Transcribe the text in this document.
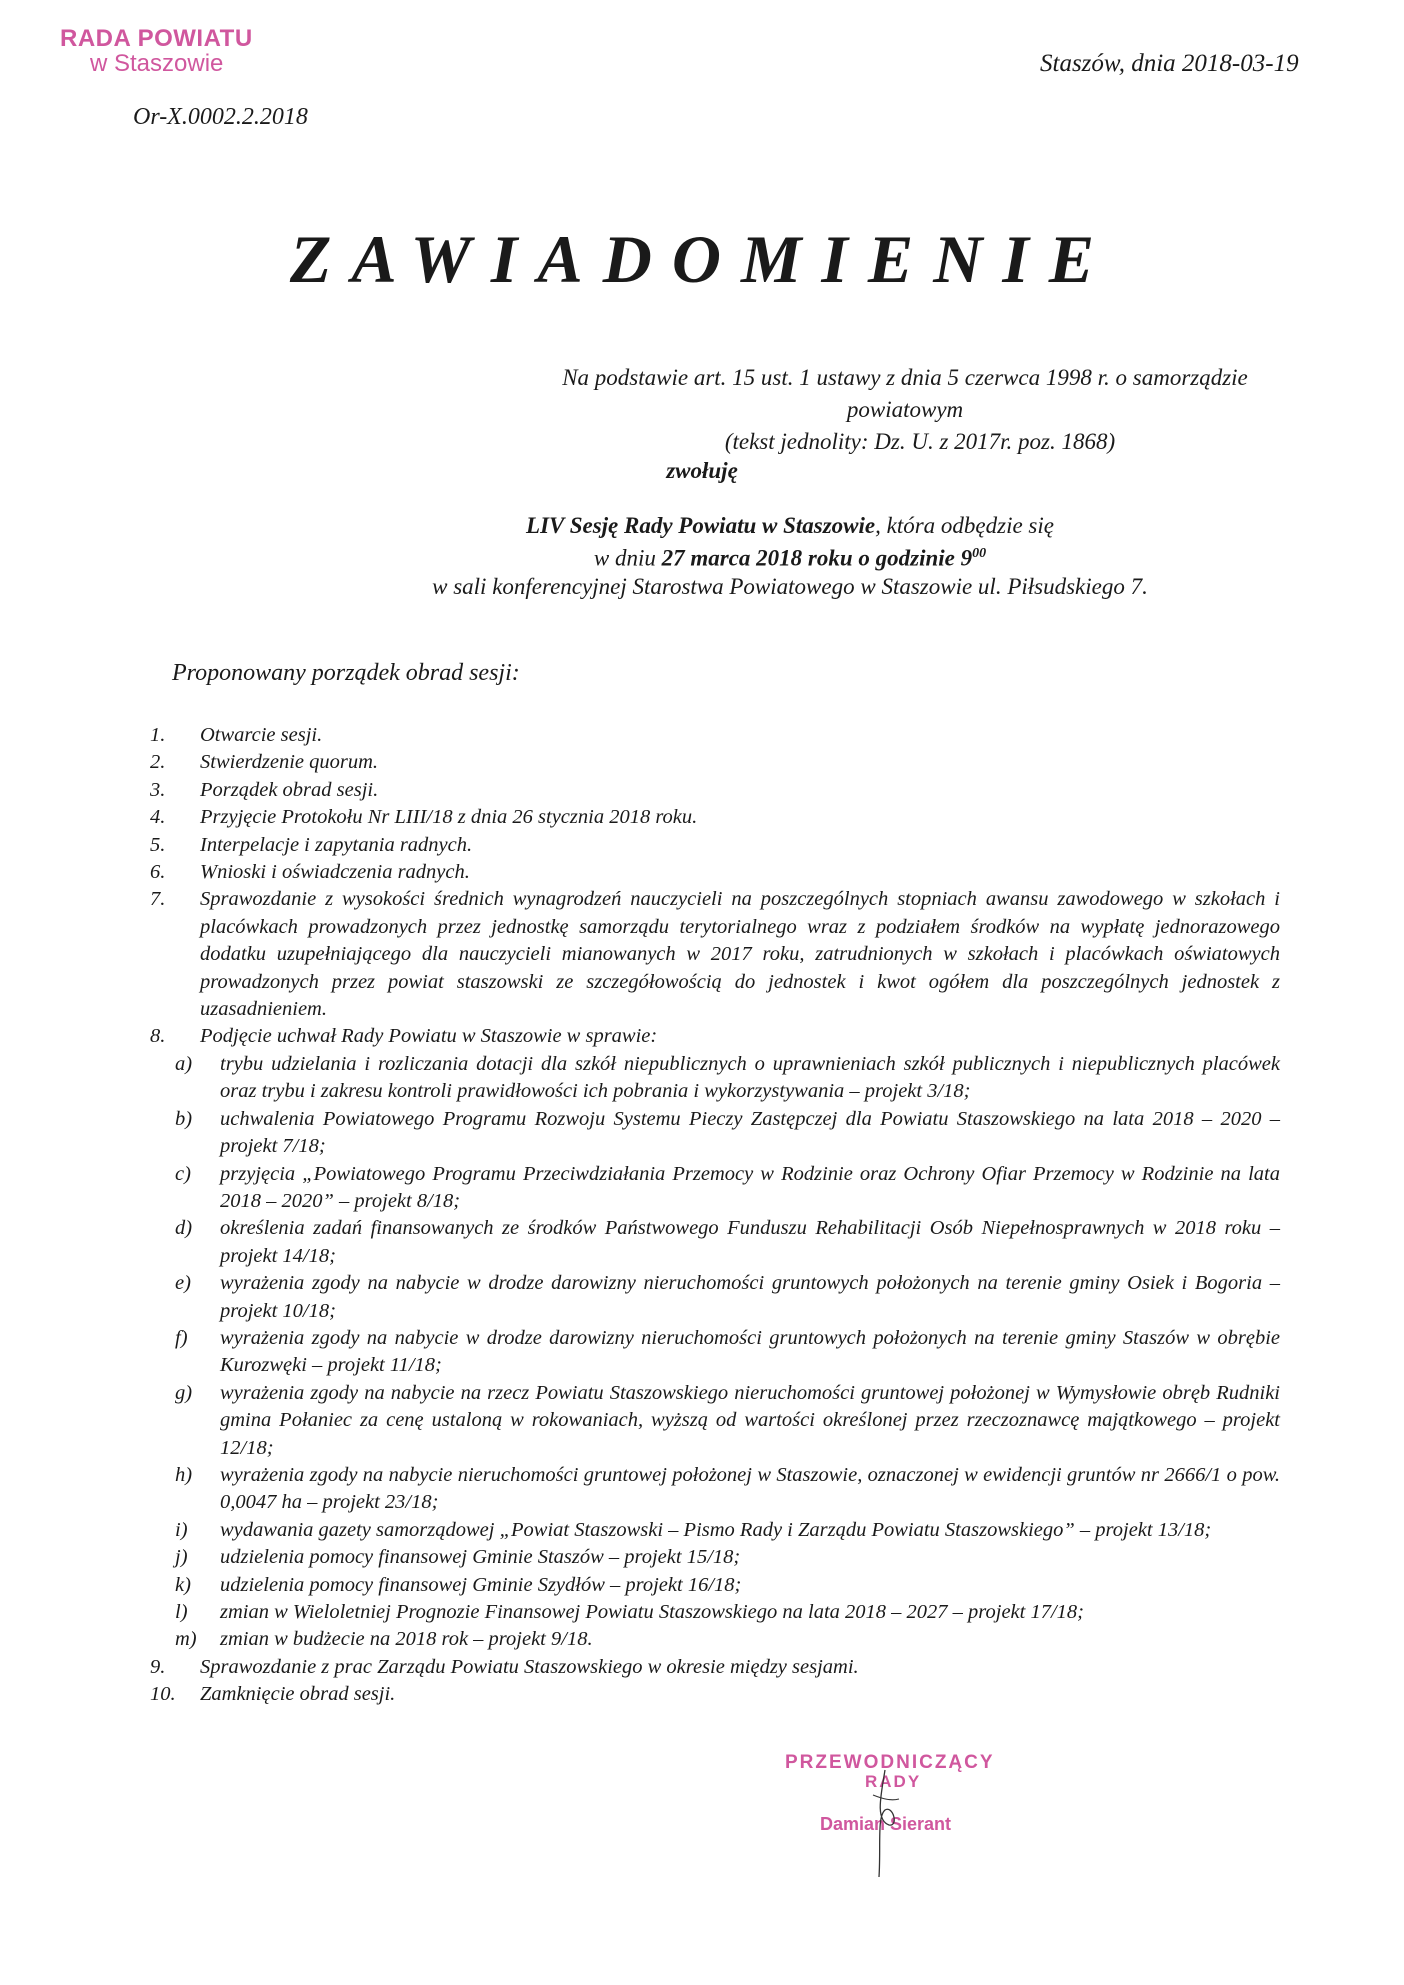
RADA POWIATU
w Staszowie	Staszów, dnia 2018-03-19
Or-X.0002.2.2018
ZAWIADOMIENIE
Na podstawie art. 15 ust. 1 ustawy z dnia 5 czerwca 1998 r. o samorządzie powiatowym
(tekst jednolity: Dz. U. z 2017r. poz. 1868)
zwołuję
LIV Sesję Rady Powiatu w Staszowie, która odbędzie się
w dniu 27 marca 2018 roku o godzinie $9^{00}$
w sali konferencyjnej Starostwa Powiatowego w Staszowie ul. Piłsudskiego 7.
Proponowany porządek obrad sesji:
1.	Otwarcie sesji.
2.	Stwierdzenie quorum.
3.	Porządek obrad sesji.
4.	Przyjęcie Protokołu Nr LIII/18 z dnia 26 stycznia 2018 roku.
5.	Interpelacje i zapytania radnych.
6.	Wnioski i oświadczenia radnych.
7.	Sprawozdanie z wysokości średnich wynagrodzeń nauczycieli na poszczególnych stopniach awansu zawodowego w szkołach i placówkach prowadzonych przez jednostkę samorządu terytorialnego wraz z podziałem środków na wypłatę jednorazowego dodatku uzupełniającego dla nauczycieli mianowanych w 2017 roku, zatrudnionych w szkołach i placówkach oświatowych prowadzonych przez powiat staszowski ze szczegółowością do jednostek i kwot ogółem dla poszczególnych jednostek z uzasadnieniem.
8.	Podjęcie uchwał Rady Powiatu w Staszowie w sprawie:
a)	trybu udzielania i rozliczania dotacji dla szkół niepublicznych o uprawnieniach szkół publicznych i niepublicznych placówek oraz trybu i zakresu kontroli prawidłowości ich pobrania i wykorzystywania – projekt 3/18;
b)	uchwalenia Powiatowego Programu Rozwoju Systemu Pieczy Zastępczej dla Powiatu Staszowskiego na lata 2018 – 2020 – projekt 7/18;
c)	przyjęcia „Powiatowego Programu Przeciwdziałania Przemocy w Rodzinie oraz Ochrony Ofiar Przemocy w Rodzinie na lata 2018 – 2020” – projekt 8/18;
d)	określenia zadań finansowanych ze środków Państwowego Funduszu Rehabilitacji Osób Niepełnosprawnych w 2018 roku – projekt 14/18;
e)	wyrażenia zgody na nabycie w drodze darowizny nieruchomości gruntowych położonych na terenie gminy Osiek i Bogoria – projekt 10/18;
f)	wyrażenia zgody na nabycie w drodze darowizny nieruchomości gruntowych położonych na terenie gminy Staszów w obrębie Kurozwęki – projekt 11/18;
g)	wyrażenia zgody na nabycie na rzecz Powiatu Staszowskiego nieruchomości gruntowej położonej w Wymysłowie obręb Rudniki gmina Połaniec za cenę ustaloną w rokowaniach, wyższą od wartości określonej przez rzeczoznawcę majątkowego – projekt 12/18;
h)	wyrażenia zgody na nabycie nieruchomości gruntowej położonej w Staszowie, oznaczonej w ewidencji gruntów nr 2666/1 o pow. 0,0047 ha – projekt 23/18;
i)	wydawania gazety samorządowej „Powiat Staszowski – Pismo Rady i Zarządu Powiatu Staszowskiego” – projekt 13/18;
j)	udzielenia pomocy finansowej Gminie Staszów – projekt 15/18;
k)	udzielenia pomocy finansowej Gminie Szydłów – projekt 16/18;
l)	zmian w Wieloletniej Prognozie Finansowej Powiatu Staszowskiego na lata 2018 – 2027 – projekt 17/18;
m)	zmian w budżecie na 2018 rok – projekt 9/18.
9.	Sprawozdanie z prac Zarządu Powiatu Staszowskiego w okresie między sesjami.
10.	Zamknięcie obrad sesji.
PRZEWODNICZĄCY
RADY
Damian Sierant
